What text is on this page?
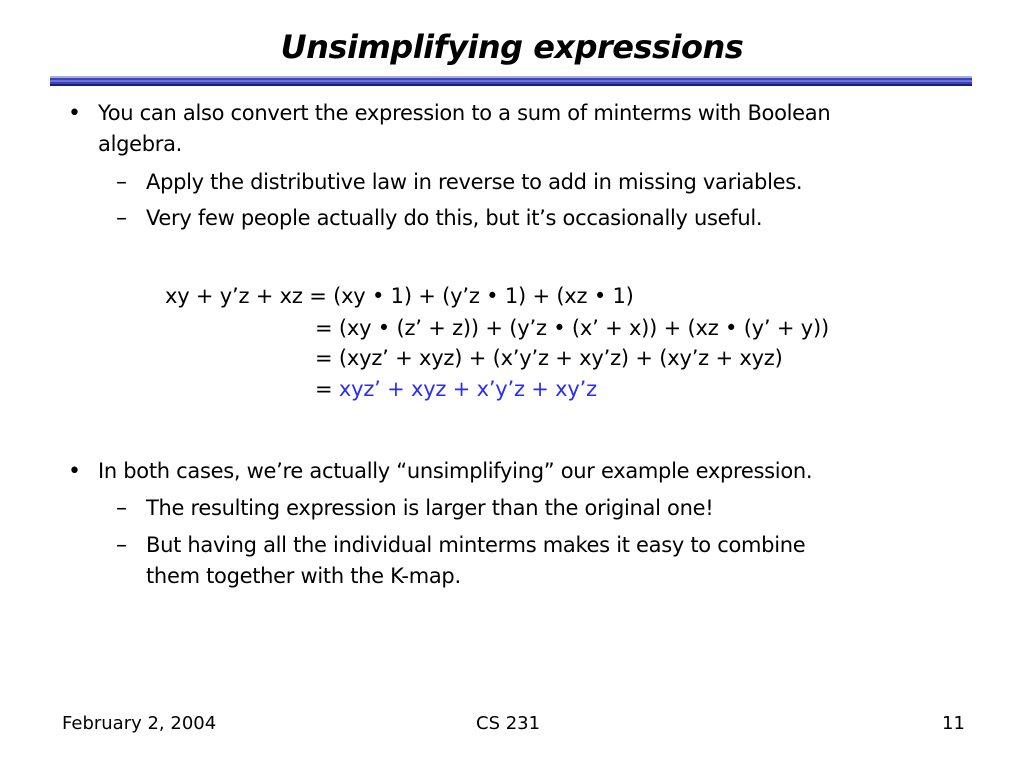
Unsimplifying expressions
• You can also convert the expression to a sum of minterms with Boolean
algebra.
– Apply the distributive law in reverse to add in missing variables.
– Very few people actually do this, but it’s occasionally useful.
xy + y’z + xz = (xy • 1) + (y’z • 1) + (xz • 1)
= (xy • (z’ + z)) + (y’z • (x’ + x)) + (xz • (y’ + y))
= (xyz’ + xyz) + (x’y’z + xy’z) + (xy’z + xyz)
= xyz’ + xyz + x’y’z + xy’z
• In both cases, we’re actually “unsimplifying” our example expression.
– The resulting expression is larger than the original one!
– But having all the individual minterms makes it easy to combine
them together with the K-map.
February 2, 2004	CS 231	11
